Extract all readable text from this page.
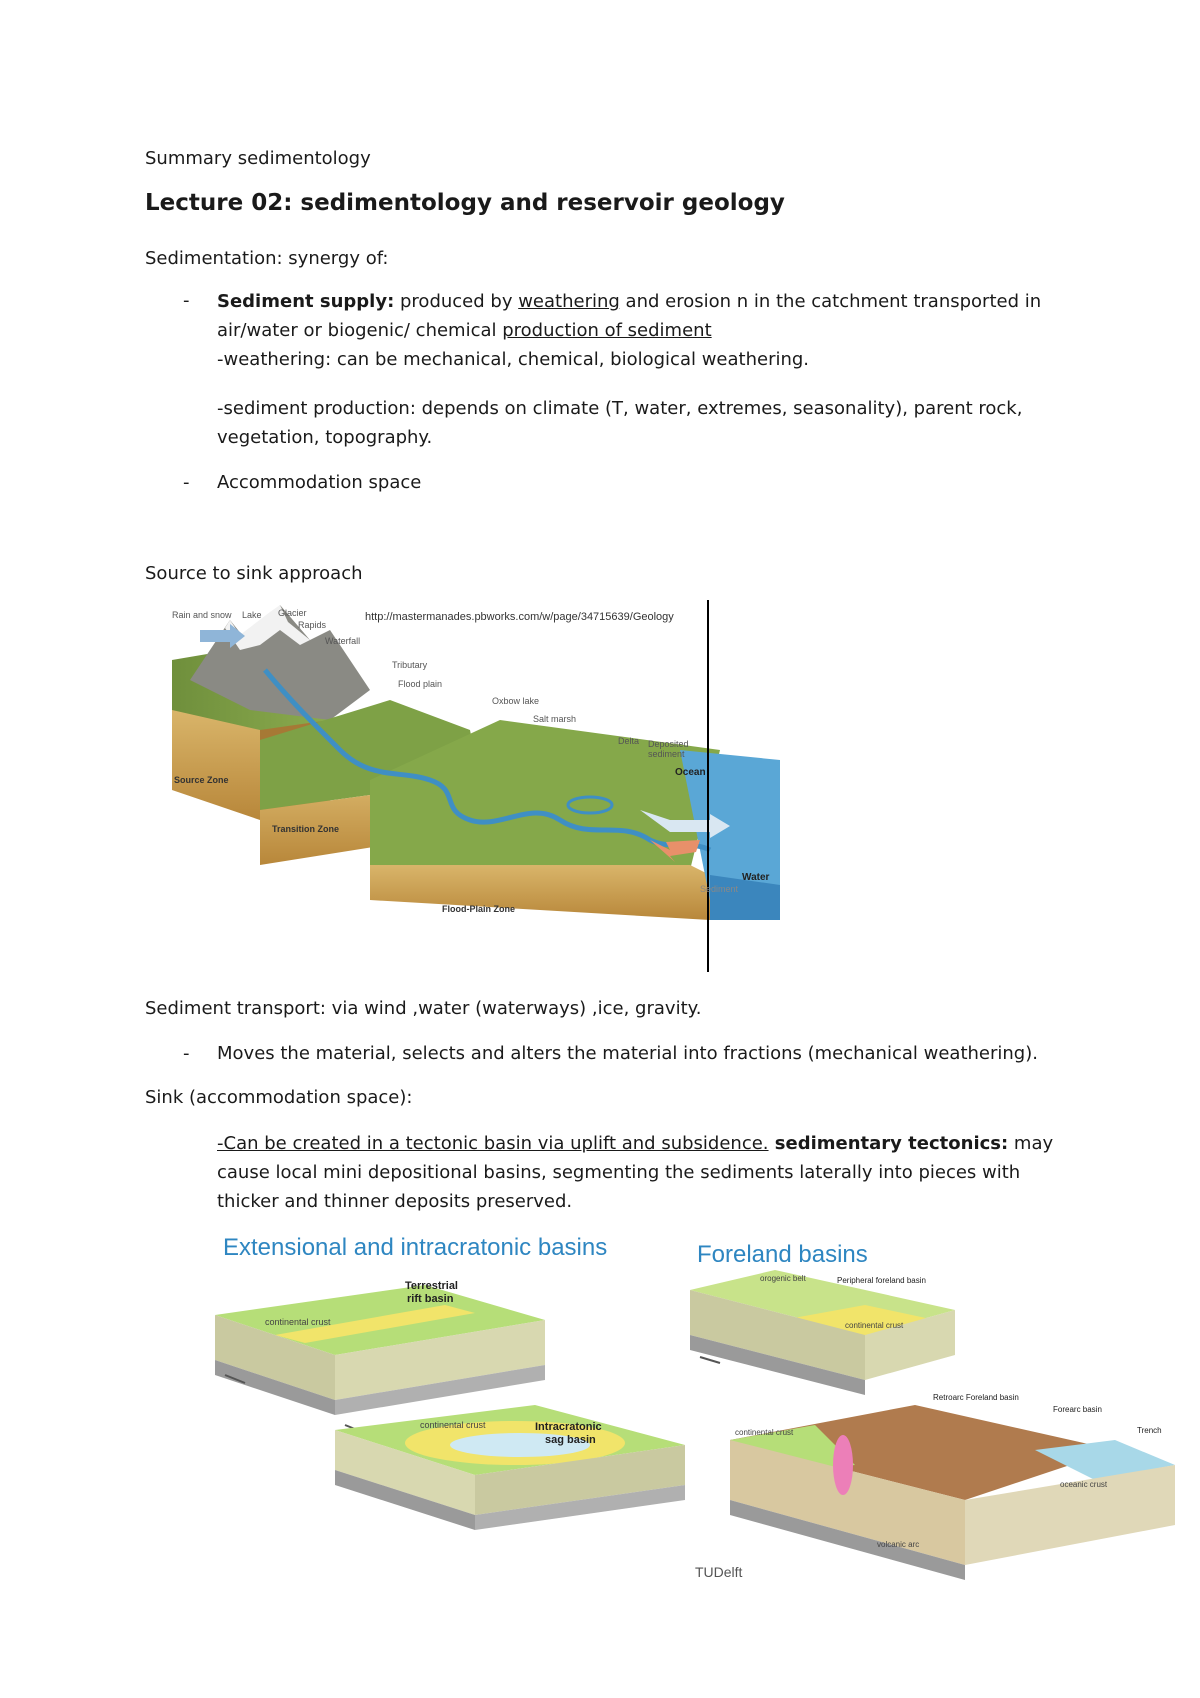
Summary sedimentology
Lecture 02: sedimentology and reservoir geology
Sedimentation: synergy of:
- Sediment supply: produced by weathering and erosion n in the catchment transported in
air/water or biogenic/ chemical production of sediment
-weathering: can be mechanical, chemical, biological weathering.
-sediment production: depends on climate (T, water, extremes, seasonality), parent rock,
vegetation, topography.
- Accommodation space
Source to sink approach
http://mastermanades.pbworks.com/w/page/34715639/Geology
Rain and snow Lake Glacier
Rapids
Waterfall
Tributary
Flood plain
Oxbow lake
Salt marsh
Delta Deposited
sediment
Ocean
Source Zone
Transition Zone
Flood-Plain Zone
Water
Sediment
Sediment transport: via wind ,water (waterways) ,ice, gravity.
- Moves the material, selects and alters the material into fractions (mechanical weathering).
Sink (accommodation space):
-Can be created in a tectonic basin via uplift and subsidence. sedimentary tectonics: may
cause local mini depositional basins, segmenting the sediments laterally into pieces with
thicker and thinner deposits preserved.
Extensional and intracratonic basins	Foreland basins
continental crust
Terrestrial
rift basin
continental crust	Intracratonic
sag basin
orogenic belt	Peripheral foreland basin
continental crust
continental crust
Retroarc Foreland basin
Forearc basin
Trench
oceanic crust
volcanic arc
TUDelft
